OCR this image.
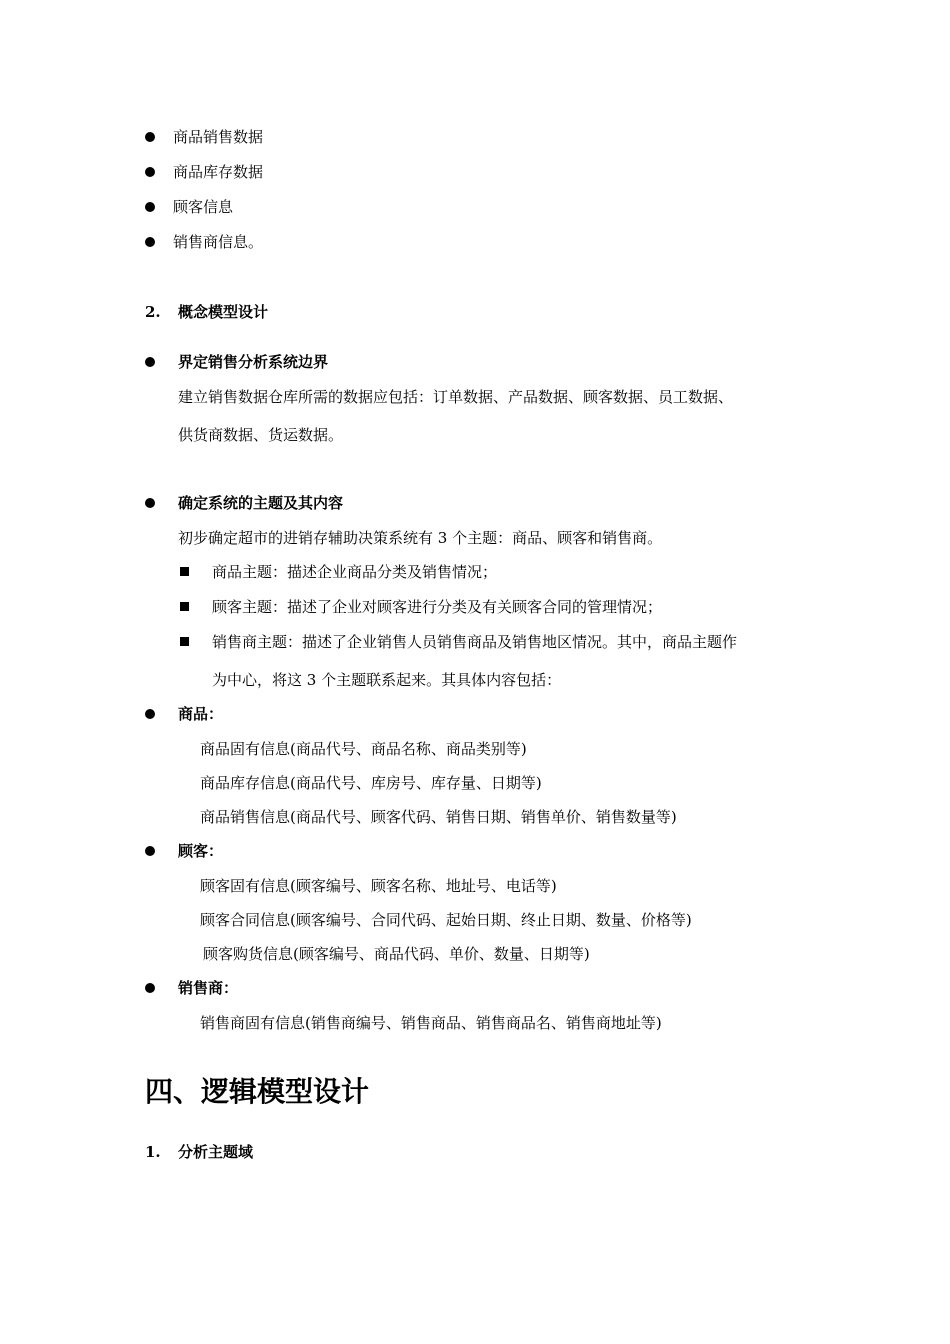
商品销售数据
商品库存数据
顾客信息
销售商信息。
2. 概念模型设计
界定销售分析系统边界
建立销售数据仓库所需的数据应包括：订单数据、产品数据、顾客数据、员工数据、
供货商数据、货运数据。
确定系统的主题及其内容
初步确定超市的进销存辅助决策系统有 3 个主题：商品、顾客和销售商。
商品主题：描述企业商品分类及销售情况；
顾客主题：描述了企业对顾客进行分类及有关顾客合同的管理情况；
销售商主题：描述了企业销售人员销售商品及销售地区情况。其中，商品主题作
为中心，将这 3 个主题联系起来。其具体内容包括：
商品：
商品固有信息(商品代号、商品名称、商品类别等)
商品库存信息(商品代号、库房号、库存量、日期等)
商品销售信息(商品代号、顾客代码、销售日期、销售单价、销售数量等)
顾客：
顾客固有信息(顾客编号、顾客名称、地址号、电话等)
顾客合同信息(顾客编号、合同代码、起始日期、终止日期、数量、价格等)
顾客购货信息(顾客编号、商品代码、单价、数量、日期等)
销售商：
销售商固有信息(销售商编号、销售商品、销售商品名、销售商地址等)
四、逻辑模型设计
1. 分析主题域
